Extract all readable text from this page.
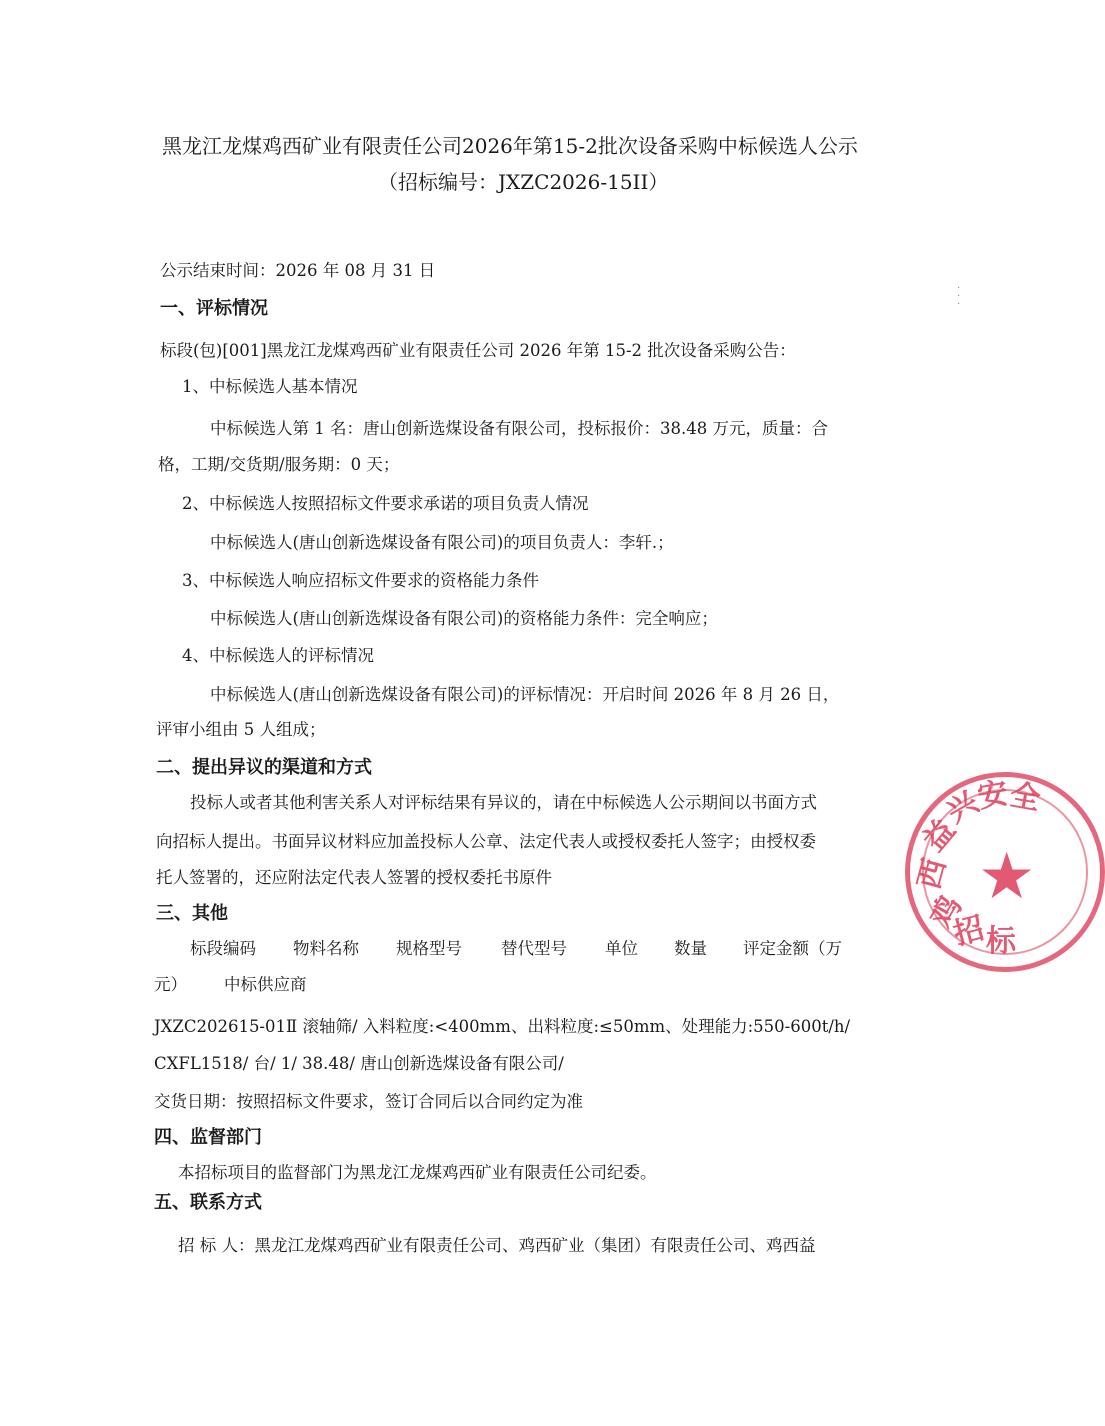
黑龙江龙煤鸡西矿业有限责任公司2026年第15-2批次设备采购中标候选人公示
（招标编号：JXZC2026-15II）
公示结束时间：2026 年 08 月 31 日
一、评标情况
标段(包)[001]黑龙江龙煤鸡西矿业有限责任公司 2026 年第 15-2 批次设备采购公告：
1、中标候选人基本情况
中标候选人第 1 名：唐山创新选煤设备有限公司，投标报价：38.48 万元，质量：合
格，工期/交货期/服务期：0 天；
2、中标候选人按照招标文件要求承诺的项目负责人情况
中标候选人(唐山创新选煤设备有限公司)的项目负责人：李轩.；
3、中标候选人响应招标文件要求的资格能力条件
中标候选人(唐山创新选煤设备有限公司)的资格能力条件：完全响应；
4、中标候选人的评标情况
中标候选人(唐山创新选煤设备有限公司)的评标情况：开启时间 2026 年 8 月 26 日，
评审小组由 5 人组成；
二、提出异议的渠道和方式
投标人或者其他利害关系人对评标结果有异议的，请在中标候选人公示期间以书面方式
向招标人提出。书面异议材料应加盖投标人公章、法定代表人或授权委托人签字；由授权委
托人签署的，还应附法定代表人签署的授权委托书原件
三、其他
标段编码 物料名称 规格型号 替代型号 单位 数量 评定金额（万
元） 中标供应商
JXZC202615-01Ⅱ 滚轴筛/ 入料粒度:<400mm、出料粒度:≤50mm、处理能力:550-600t/h/
CXFL1518/ 台/ 1/ 38.48/ 唐山创新选煤设备有限公司/
交货日期：按照招标文件要求，签订合同后以合同约定为准
四、监督部门
本招标项目的监督部门为黑龙江龙煤鸡西矿业有限责任公司纪委。
五、联系方式
招 标 人：黑龙江龙煤鸡西矿业有限责任公司、鸡西矿业（集团）有限责任公司、鸡西益
·
·
·
★
鸡
西
益
兴
安
全
招
标
